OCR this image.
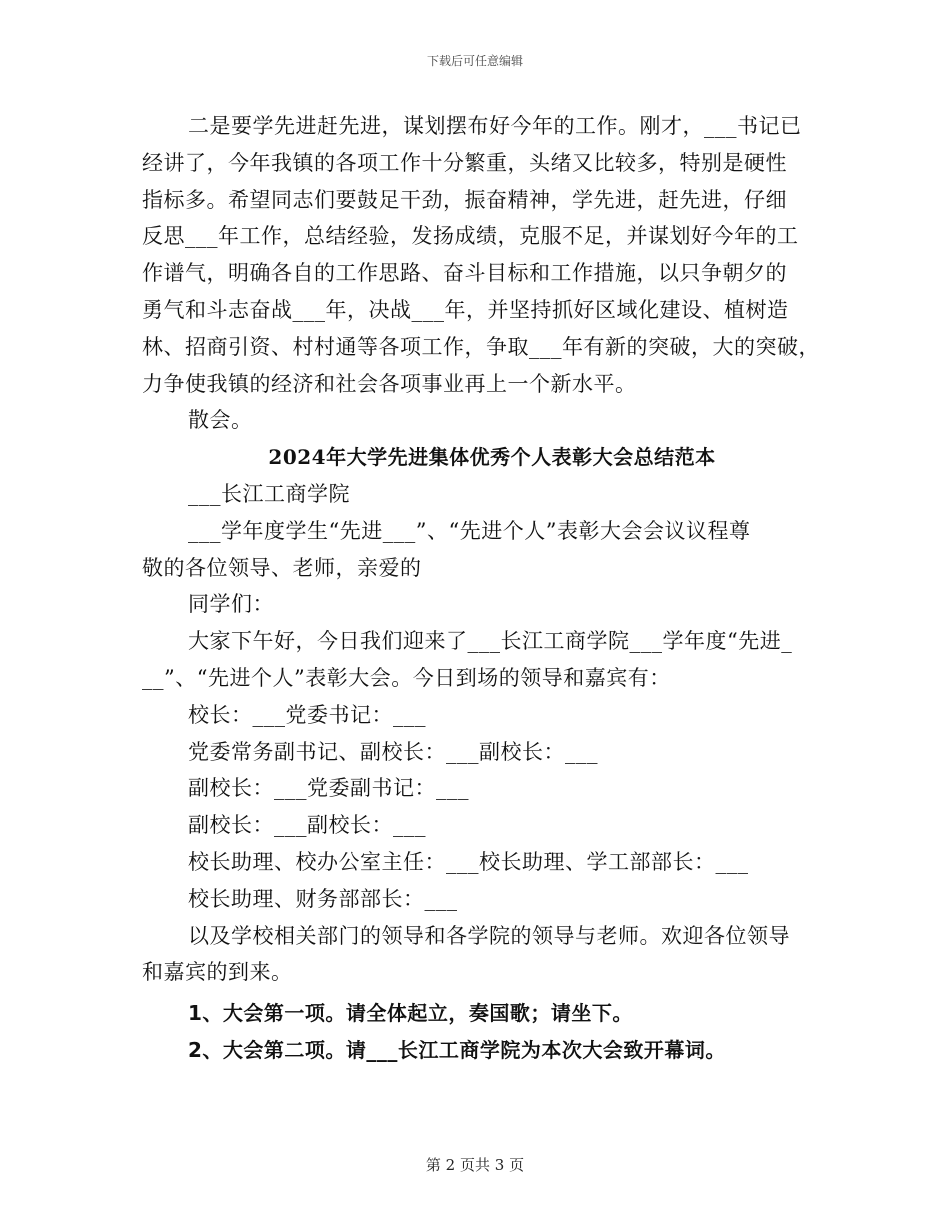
下载后可任意编辑
二是要学先进赶先进，谋划摆布好今年的工作。刚才，___书记已
经讲了，今年我镇的各项工作十分繁重，头绪又比较多，特别是硬性
指标多。希望同志们要鼓足干劲，振奋精神，学先进，赶先进，仔细
反思___年工作，总结经验，发扬成绩，克服不足，并谋划好今年的工
作谱气，明确各自的工作思路、奋斗目标和工作措施，以只争朝夕的
勇气和斗志奋战___年，决战___年，并坚持抓好区域化建设、植树造
林、招商引资、村村通等各项工作，争取___年有新的突破，大的突破，
力争使我镇的经济和社会各项事业再上一个新水平。
散会。
2024年大学先进集体优秀个人表彰大会总结范本
___长江工商学院
___学年度学生“先进___”、“先进个人”表彰大会会议议程尊
敬的各位领导、老师，亲爱的
同学们：
大家下午好，今日我们迎来了___长江工商学院___学年度“先进_
__”、“先进个人”表彰大会。今日到场的领导和嘉宾有：
校长：___党委书记：___
党委常务副书记、副校长：___副校长：___
副校长：___党委副书记：___
副校长：___副校长：___
校长助理、校办公室主任：___校长助理、学工部部长：___
校长助理、财务部部长：___
以及学校相关部门的领导和各学院的领导与老师。欢迎各位领导
和嘉宾的到来。
1、大会第一项。请全体起立，奏国歌；请坐下。
2、大会第二项。请___长江工商学院为本次大会致开幕词。
第 2 页共 3 页
